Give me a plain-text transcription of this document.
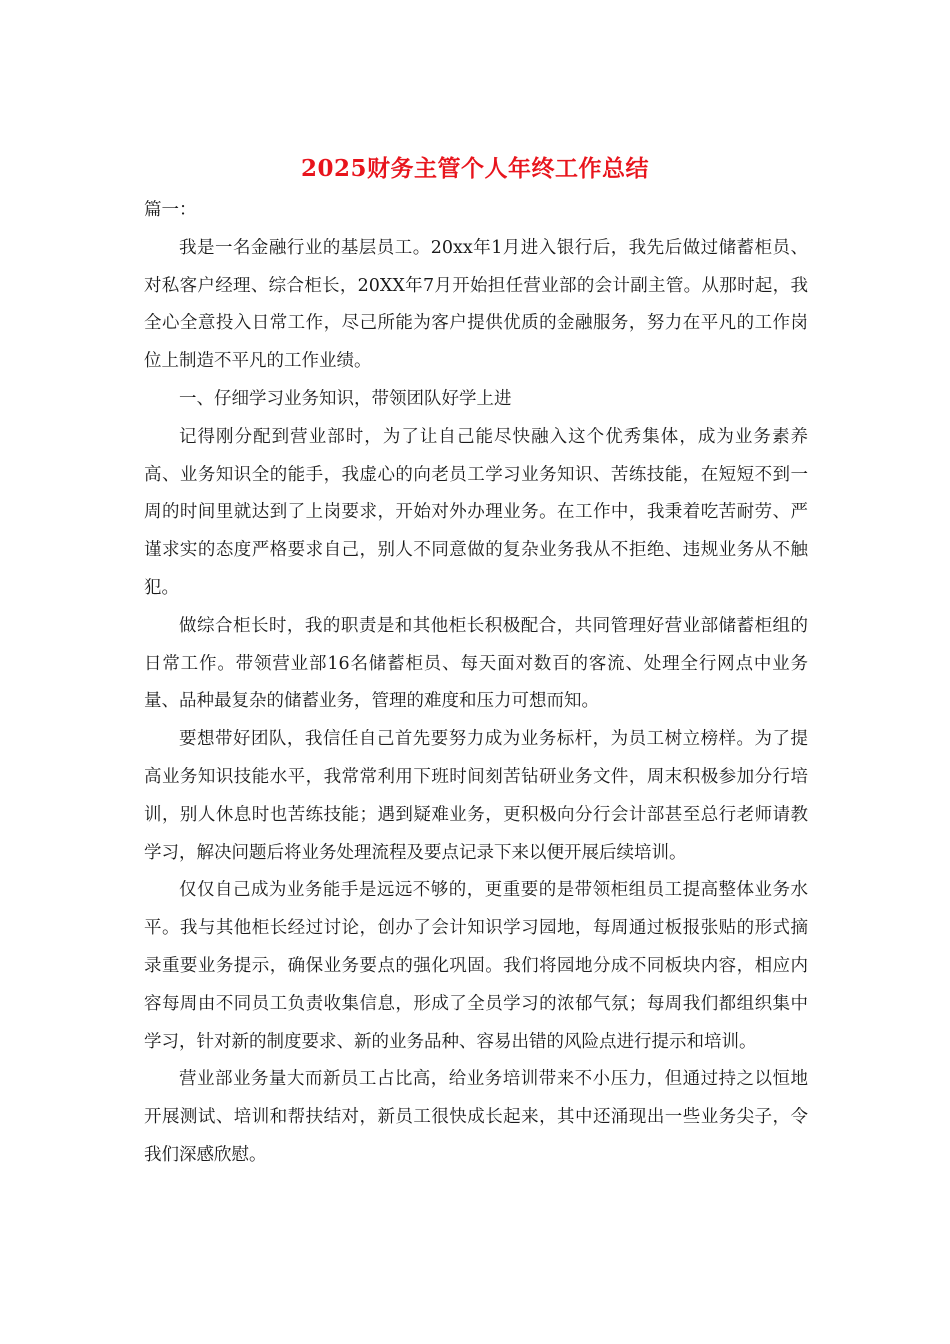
2025财务主管个人年终工作总结

篇一：

我是一名金融行业的基层员工。20xx年1月进入银行后，我先后做过储蓄柜员、对私客户经理、综合柜长，20XX年7月开始担任营业部的会计副主管。从那时起，我全心全意投入日常工作，尽己所能为客户提供优质的金融服务，努力在平凡的工作岗位上制造不平凡的工作业绩。

一、仔细学习业务知识，带领团队好学上进

记得刚分配到营业部时，为了让自己能尽快融入这个优秀集体，成为业务素养高、业务知识全的能手，我虚心的向老员工学习业务知识、苦练技能，在短短不到一周的时间里就达到了上岗要求，开始对外办理业务。在工作中，我秉着吃苦耐劳、严谨求实的态度严格要求自己，别人不同意做的复杂业务我从不拒绝、违规业务从不触犯。

做综合柜长时，我的职责是和其他柜长积极配合，共同管理好营业部储蓄柜组的日常工作。带领营业部16名储蓄柜员、每天面对数百的客流、处理全行网点中业务量、品种最复杂的储蓄业务，管理的难度和压力可想而知。

要想带好团队，我信任自己首先要努力成为业务标杆，为员工树立榜样。为了提高业务知识技能水平，我常常利用下班时间刻苦钻研业务文件，周末积极参加分行培训，别人休息时也苦练技能；遇到疑难业务，更积极向分行会计部甚至总行老师请教学习，解决问题后将业务处理流程及要点记录下来以便开展后续培训。

仅仅自己成为业务能手是远远不够的，更重要的是带领柜组员工提高整体业务水平。我与其他柜长经过讨论，创办了会计知识学习园地，每周通过板报张贴的形式摘录重要业务提示，确保业务要点的强化巩固。我们将园地分成不同板块内容，相应内容每周由不同员工负责收集信息，形成了全员学习的浓郁气氛；每周我们都组织集中学习，针对新的制度要求、新的业务品种、容易出错的风险点进行提示和培训。

营业部业务量大而新员工占比高，给业务培训带来不小压力，但通过持之以恒地开展测试、培训和帮扶结对，新员工很快成长起来，其中还涌现出一些业务尖子，令我们深感欣慰。
